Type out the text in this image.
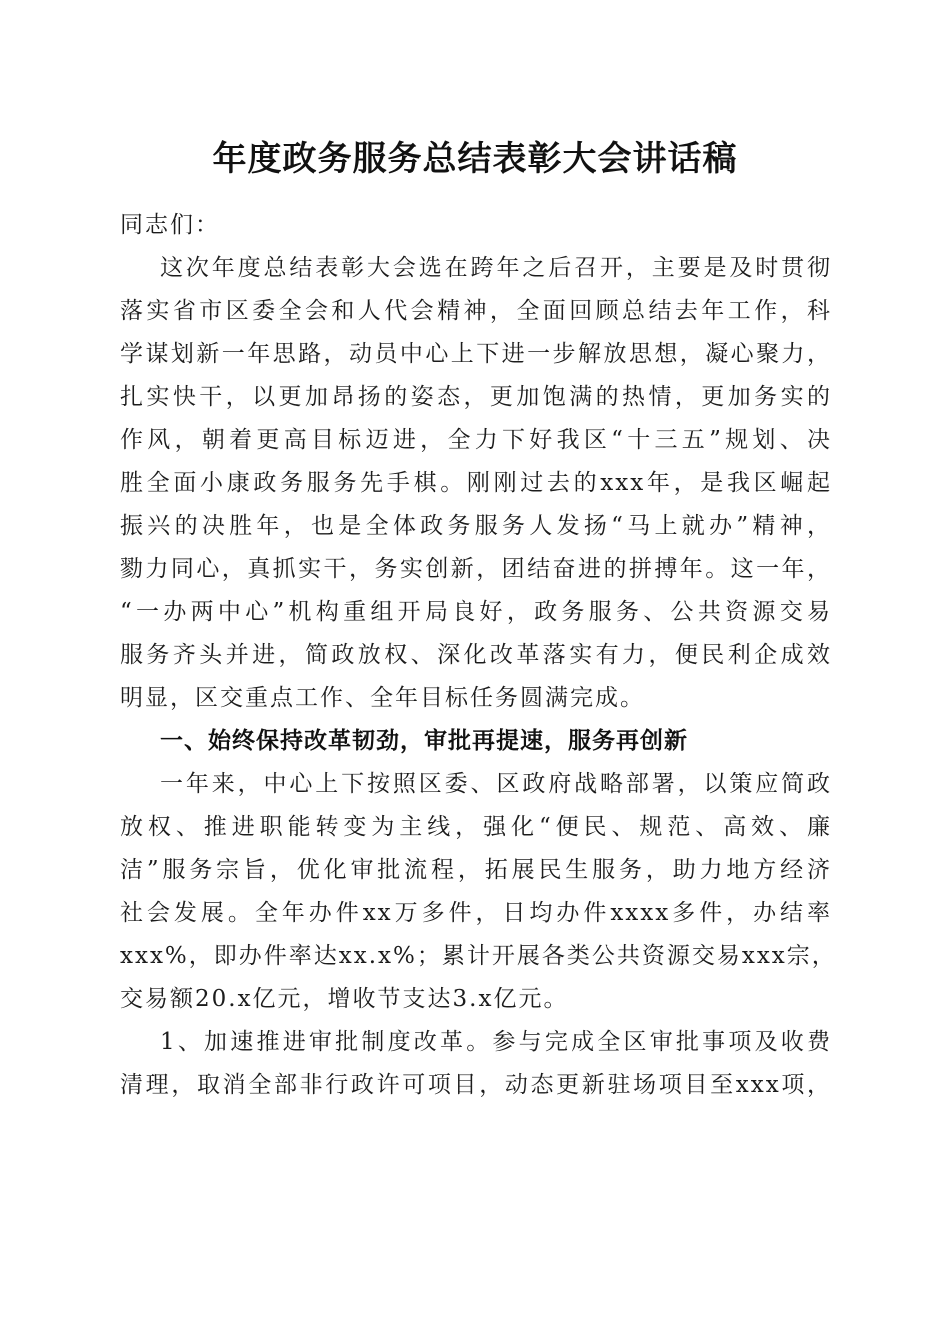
年度政务服务总结表彰大会讲话稿
同志们：
这次年度总结表彰大会选在跨年之后召开，主要是及时贯彻
落实省市区委全会和人代会精神，全面回顾总结去年工作，科
学谋划新一年思路，动员中心上下进一步解放思想，凝心聚力，
扎实快干，以更加昂扬的姿态，更加饱满的热情，更加务实的
作风，朝着更高目标迈进，全力下好我区“十三五”规划、决
胜全面小康政务服务先手棋。刚刚过去的xxx年，是我区崛起
振兴的决胜年，也是全体政务服务人发扬“马上就办”精神，
勠力同心，真抓实干，务实创新，团结奋进的拼搏年。这一年，
“一办两中心”机构重组开局良好，政务服务、公共资源交易
服务齐头并进，简政放权、深化改革落实有力，便民利企成效
明显，区交重点工作、全年目标任务圆满完成。
一、始终保持改革韧劲，审批再提速，服务再创新
一年来，中心上下按照区委、区政府战略部署，以策应简政
放权、推进职能转变为主线，强化“便民、规范、高效、廉
洁”服务宗旨，优化审批流程，拓展民生服务，助力地方经济
社会发展。全年办件xx万多件，日均办件xxxx多件，办结率
xxx%，即办件率达xx.x%；累计开展各类公共资源交易xxx宗，
交易额20.x亿元，增收节支达3.x亿元。
1、加速推进审批制度改革。参与完成全区审批事项及收费
清理，取消全部非行政许可项目，动态更新驻场项目至xxx项，
